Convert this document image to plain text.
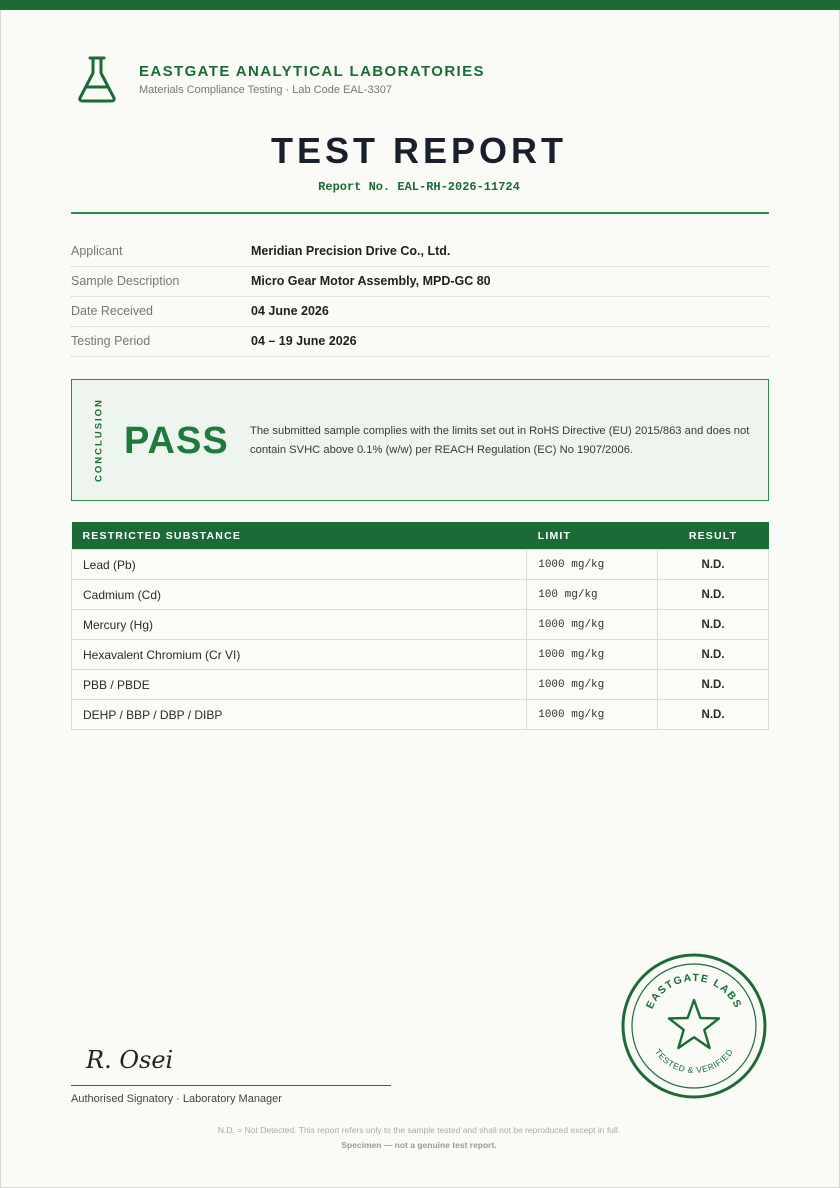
EASTGATE ANALYTICAL LABORATORIES
Materials Compliance Testing · Lab Code EAL-3307
TEST REPORT
Report No. EAL-RH-2026-11724
Applicant	Meridian Precision Drive Co., Ltd.
Sample Description	Micro Gear Motor Assembly, MPD-GC 80
Date Received	04 June 2026
Testing Period	04 – 19 June 2026
CONCLUSION PASS The submitted sample complies with the limits set out in RoHS Directive (EU) 2015/863 and does not contain SVHC above 0.1% (w/w) per REACH Regulation (EC) No 1907/2006.
RESTRICTED SUBSTANCE	LIMIT	RESULT
Lead (Pb)	1000 mg/kg	N.D.
Cadmium (Cd)	100 mg/kg	N.D.
Mercury (Hg)	1000 mg/kg	N.D.
Hexavalent Chromium (Cr VI)	1000 mg/kg	N.D.
PBB / PBDE	1000 mg/kg	N.D.
DEHP / BBP / DBP / DIBP	1000 mg/kg	N.D.
EASTGATE LABS
TESTED & VERIFIED
R. Osei
Authorised Signatory · Laboratory Manager
N.D. = Not Detected. This report refers only to the sample tested and shall not be reproduced except in full.
Specimen — not a genuine test report.
